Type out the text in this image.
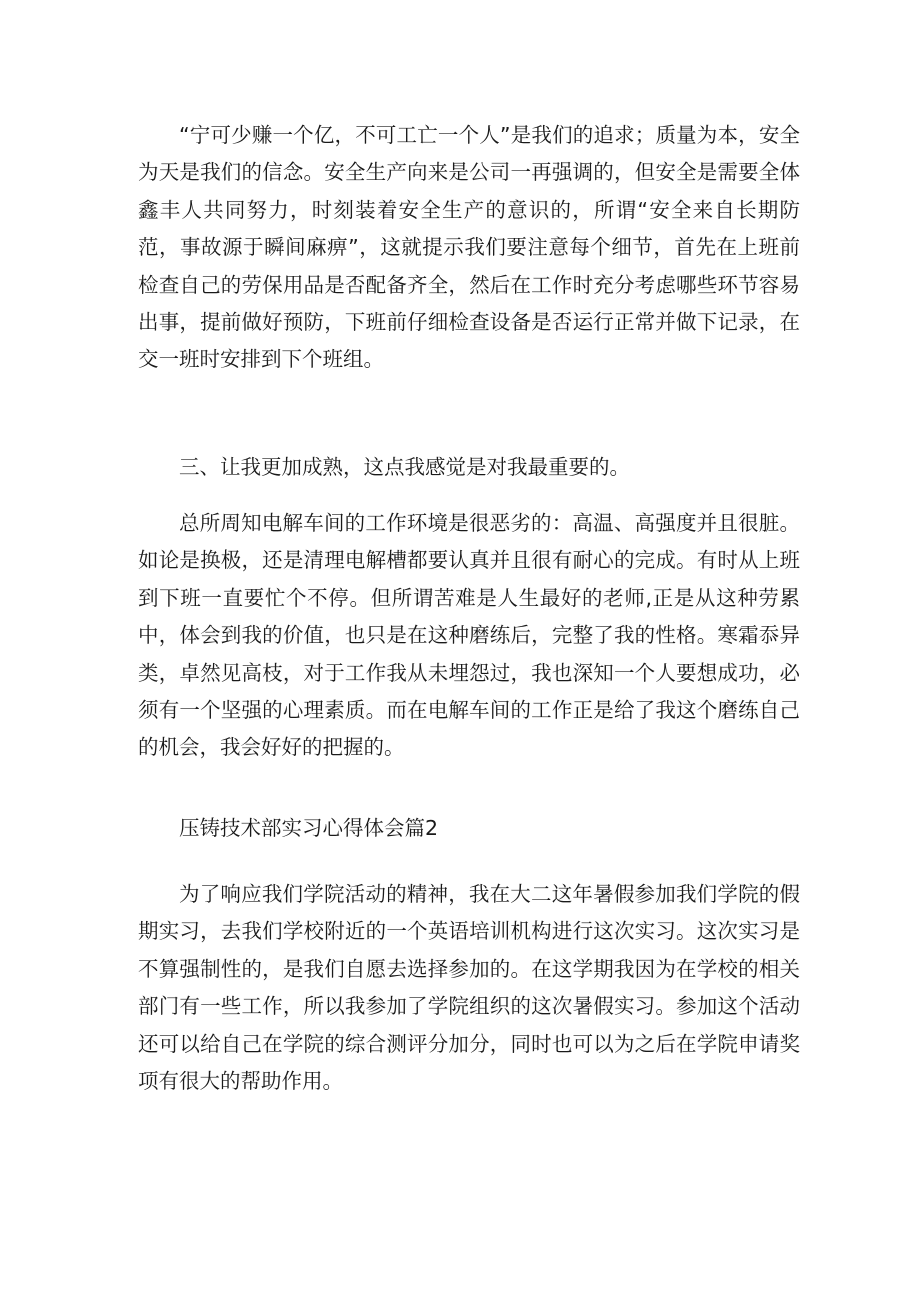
“宁可少赚一个亿，不可工亡一个人”是我们的追求；质量为本，安全为天是我们的信念。安全生产向来是公司一再强调的，但安全是需要全体鑫丰人共同努力，时刻装着安全生产的意识的，所谓“安全来自长期防范，事故源于瞬间麻痹”，这就提示我们要注意每个细节，首先在上班前检查自己的劳保用品是否配备齐全，然后在工作时充分考虑哪些环节容易出事，提前做好预防，下班前仔细检查设备是否运行正常并做下记录，在交一班时安排到下个班组。

三、让我更加成熟，这点我感觉是对我最重要的。

总所周知电解车间的工作环境是很恶劣的：高温、高强度并且很脏。如论是换极，还是清理电解槽都要认真并且很有耐心的完成。有时从上班到下班一直要忙个不停。但所谓苦难是人生最好的老师,正是从这种劳累中，体会到我的价值，也只是在这种磨练后，完整了我的性格。寒霜忝异类，卓然见高枝，对于工作我从未埋怨过，我也深知一个人要想成功，必须有一个坚强的心理素质。而在电解车间的工作正是给了我这个磨练自己的机会，我会好好的把握的。

压铸技术部实习心得体会篇2

为了响应我们学院活动的精神，我在大二这年暑假参加我们学院的假期实习，去我们学校附近的一个英语培训机构进行这次实习。这次实习是不算强制性的，是我们自愿去选择参加的。在这学期我因为在学校的相关部门有一些工作，所以我参加了学院组织的这次暑假实习。参加这个活动还可以给自己在学院的综合测评分加分，同时也可以为之后在学院申请奖项有很大的帮助作用。
